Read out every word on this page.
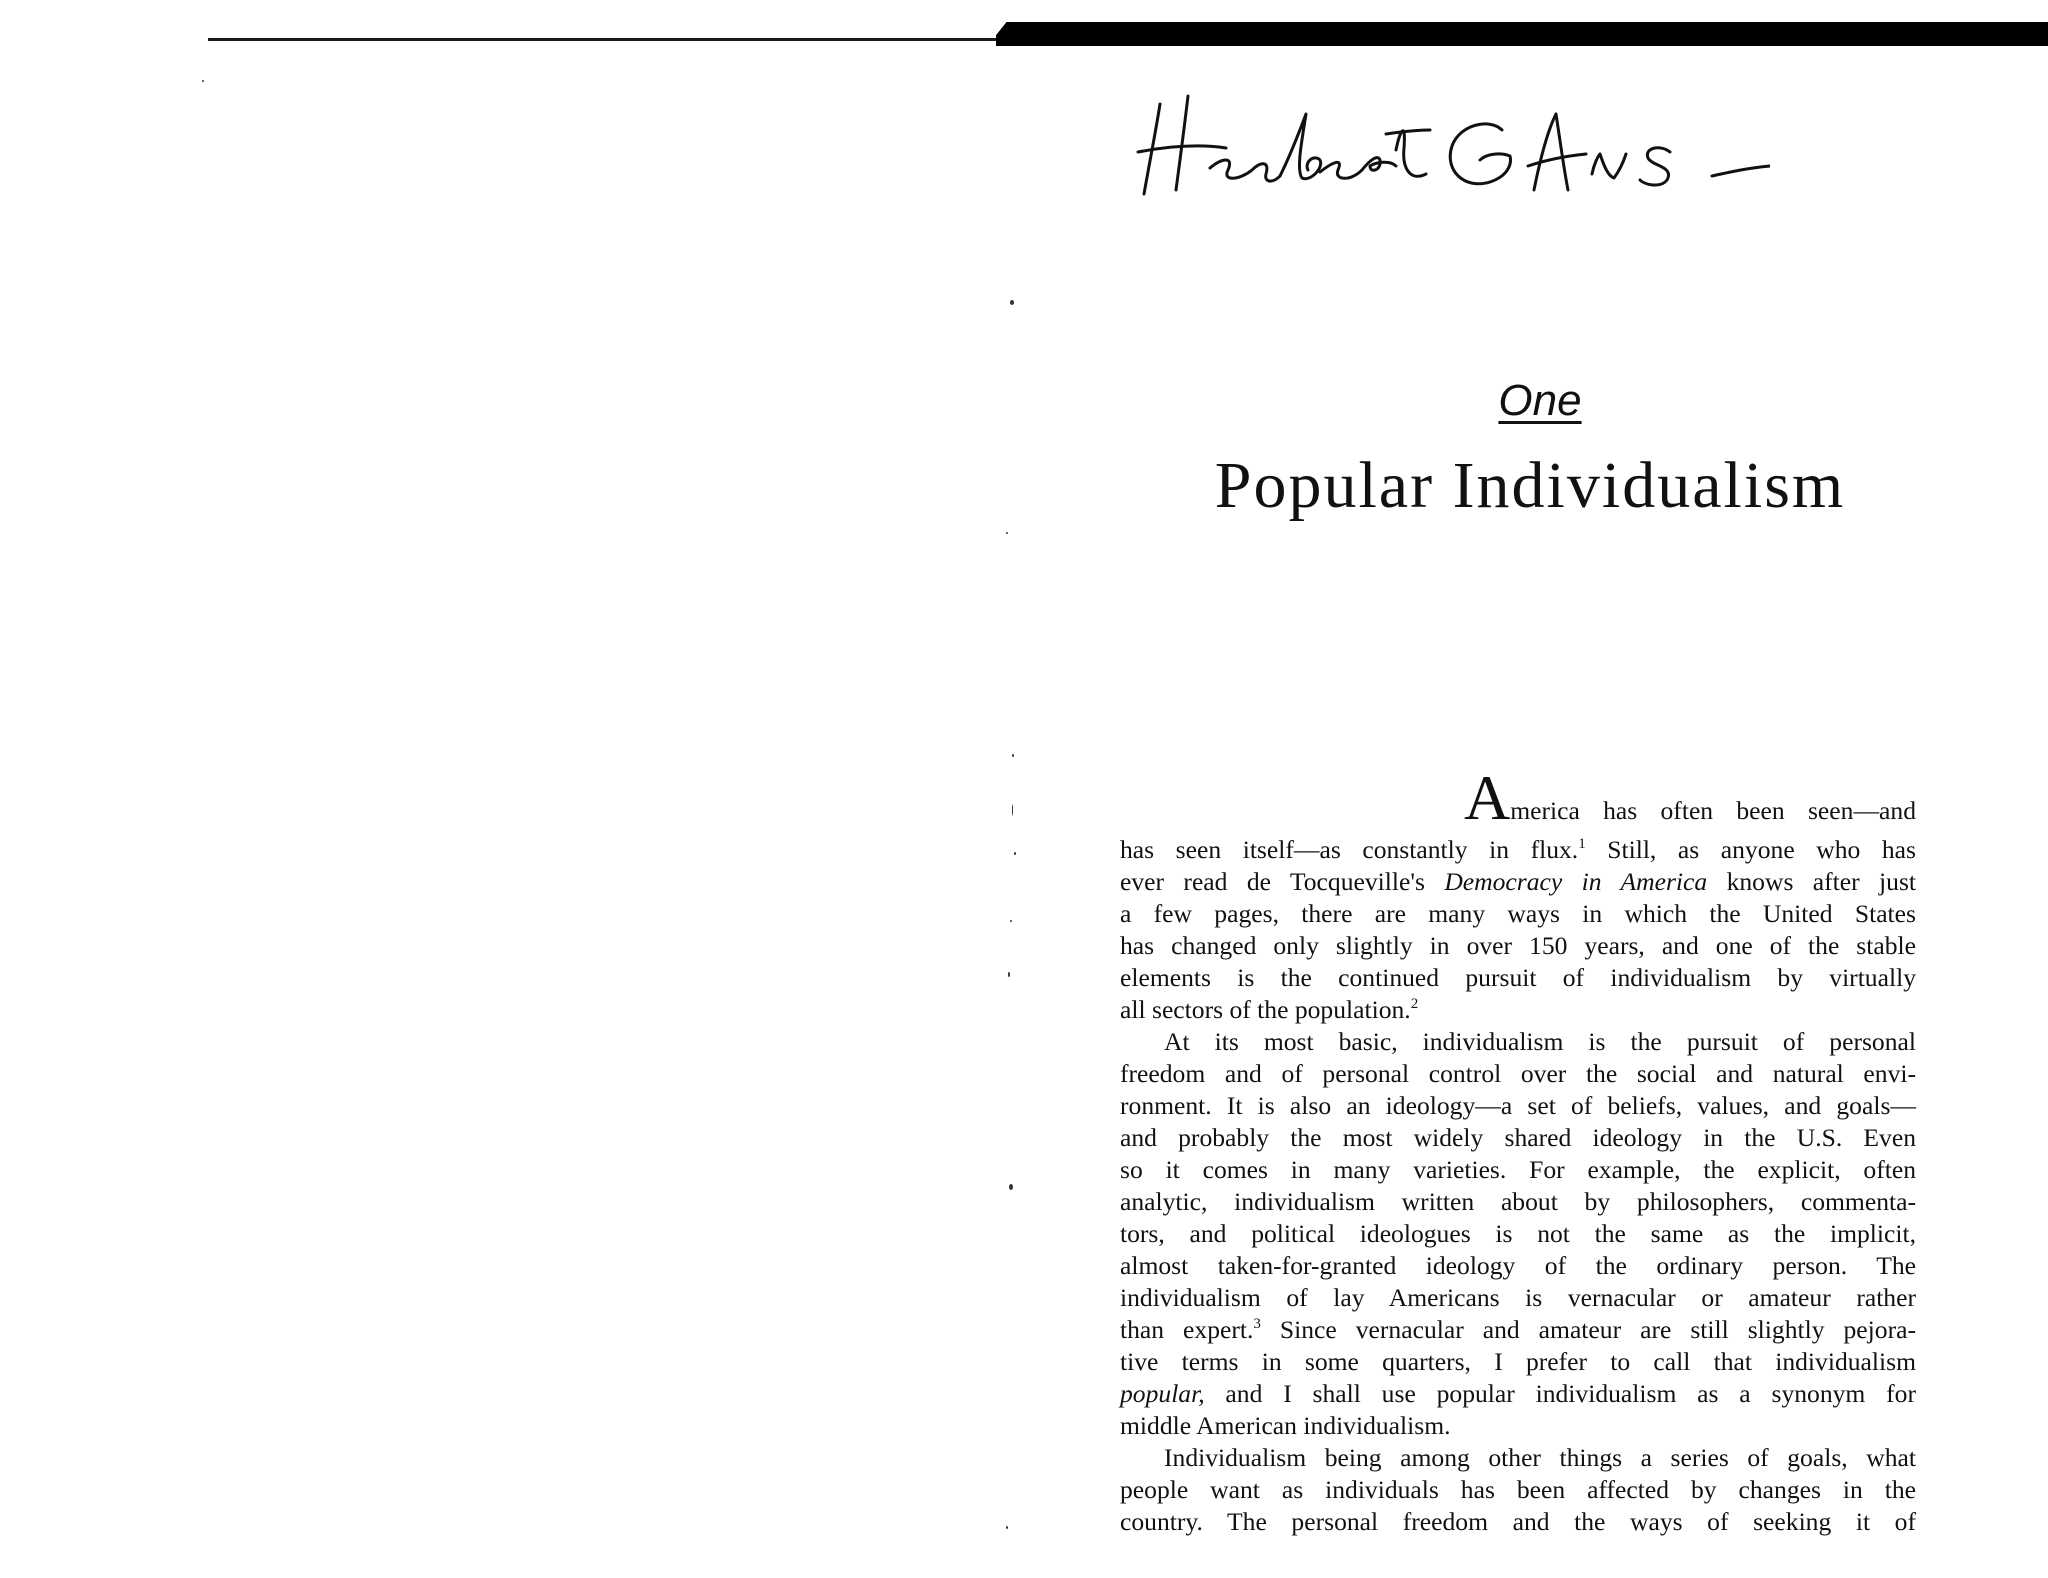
One
Popular Individualism
America has often been seen—and
has seen itself—as constantly in flux.$^1$ Still, as anyone who has
ever read de Tocqueville's Democracy in America knows after just
a few pages, there are many ways in which the United States
has changed only slightly in over 150 years, and one of the stable
elements is the continued pursuit of individualism by virtually
all sectors of the population.$^2$
At its most basic, individualism is the pursuit of personal
freedom and of personal control over the social and natural envi-
ronment. It is also an ideology—a set of beliefs, values, and goals—
and probably the most widely shared ideology in the U.S. Even
so it comes in many varieties. For example, the explicit, often
analytic, individualism written about by philosophers, commenta-
tors, and political ideologues is not the same as the implicit,
almost taken-for-granted ideology of the ordinary person. The
individualism of lay Americans is vernacular or amateur rather
than expert.$^3$ Since vernacular and amateur are still slightly pejora-
tive terms in some quarters, I prefer to call that individualism
popular, and I shall use popular individualism as a synonym for
middle American individualism.
Individualism being among other things a series of goals, what
people want as individuals has been affected by changes in the
country. The personal freedom and the ways of seeking it of
